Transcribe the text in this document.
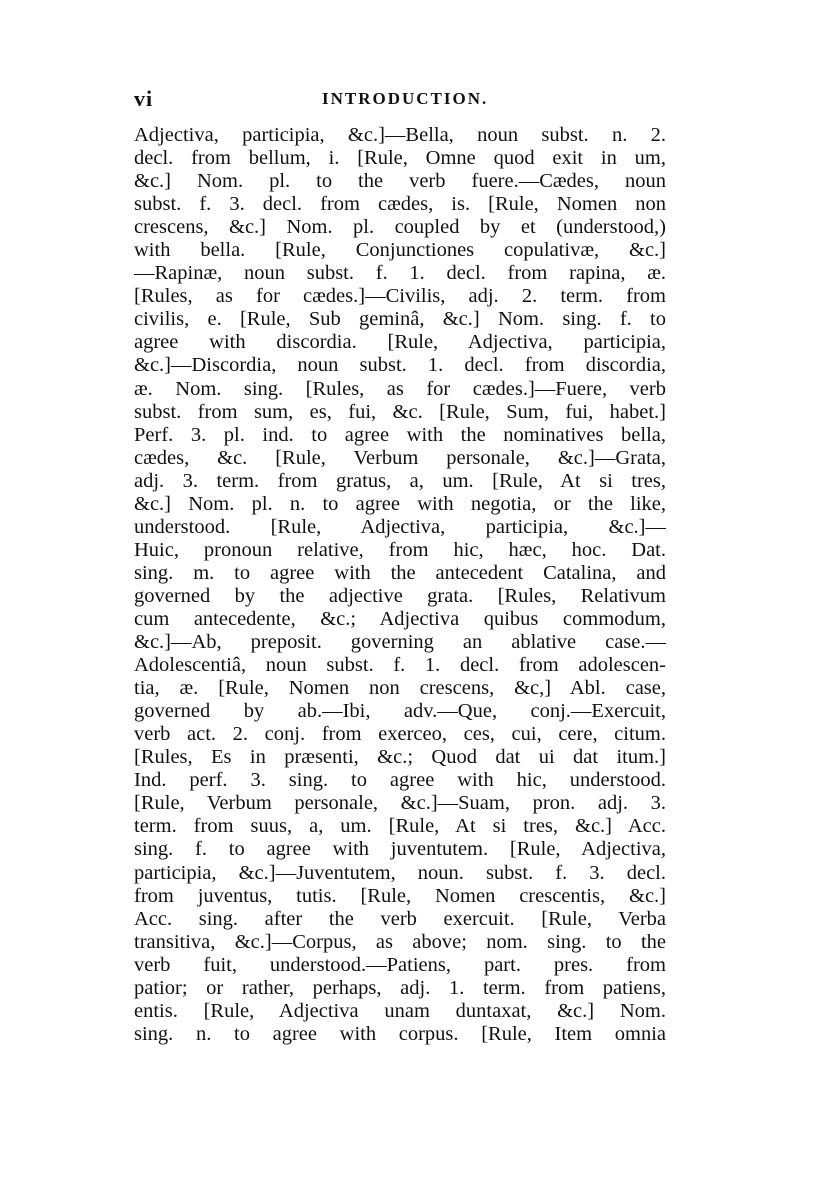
vi	INTRODUCTION.
Adjectiva, participia, &c.]—Bella, noun subst. n. 2.
decl. from bellum, i. [Rule, Omne quod exit in um,
&c.] Nom. pl. to the verb fuere.—Cædes, noun
subst. f. 3. decl. from cædes, is. [Rule, Nomen non
crescens, &c.] Nom. pl. coupled by et (understood,)
with bella. [Rule, Conjunctiones copulativæ, &c.]
—Rapinæ, noun subst. f. 1. decl. from rapina, æ.
[Rules, as for cædes.]—Civilis, adj. 2. term. from
civilis, e. [Rule, Sub geminâ, &c.] Nom. sing. f. to
agree with discordia. [Rule, Adjectiva, participia,
&c.]—Discordia, noun subst. 1. decl. from discordia,
æ. Nom. sing. [Rules, as for cædes.]—Fuere, verb
subst. from sum, es, fui, &c. [Rule, Sum, fui, habet.]
Perf. 3. pl. ind. to agree with the nominatives bella,
cædes, &c. [Rule, Verbum personale, &c.]—Grata,
adj. 3. term. from gratus, a, um. [Rule, At si tres,
&c.] Nom. pl. n. to agree with negotia, or the like,
understood. [Rule, Adjectiva, participia, &c.]—
Huic, pronoun relative, from hic, hæc, hoc. Dat.
sing. m. to agree with the antecedent Catalina, and
governed by the adjective grata. [Rules, Relativum
cum antecedente, &c.; Adjectiva quibus commodum,
&c.]—Ab, preposit. governing an ablative case.—
Adolescentiâ, noun subst. f. 1. decl. from adolescen-
tia, æ. [Rule, Nomen non crescens, &c,] Abl. case,
governed by ab.—Ibi, adv.—Que, conj.—Exercuit,
verb act. 2. conj. from exerceo, ces, cui, cere, citum.
[Rules, Es in præsenti, &c.; Quod dat ui dat itum.]
Ind. perf. 3. sing. to agree with hic, understood.
[Rule, Verbum personale, &c.]—Suam, pron. adj. 3.
term. from suus, a, um. [Rule, At si tres, &c.] Acc.
sing. f. to agree with juventutem. [Rule, Adjectiva,
participia, &c.]—Juventutem, noun. subst. f. 3. decl.
from juventus, tutis. [Rule, Nomen crescentis, &c.]
Acc. sing. after the verb exercuit. [Rule, Verba
transitiva, &c.]—Corpus, as above; nom. sing. to the
verb fuit, understood.—Patiens, part. pres. from
patior; or rather, perhaps, adj. 1. term. from patiens,
entis. [Rule, Adjectiva unam duntaxat, &c.] Nom.
sing. n. to agree with corpus. [Rule, Item omnia
